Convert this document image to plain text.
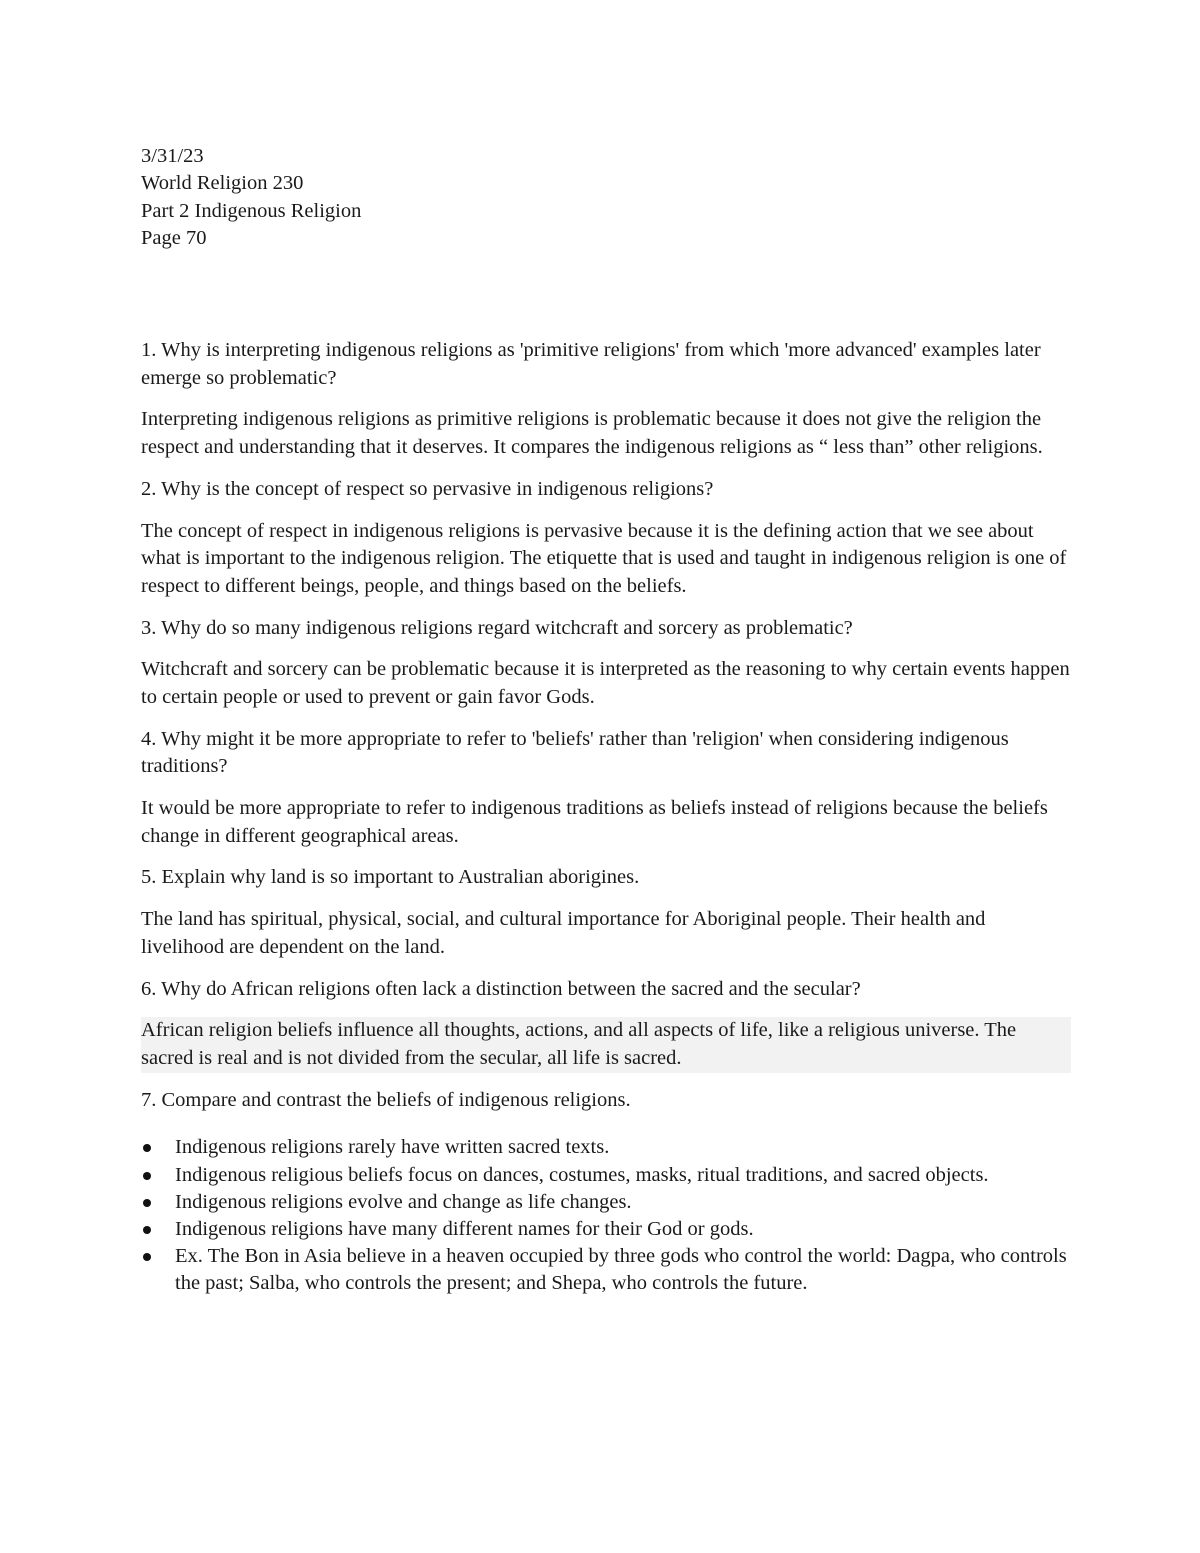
3/31/23
World Religion 230
Part 2 Indigenous Religion
Page 70

1. Why is interpreting indigenous religions as 'primitive religions' from which 'more advanced' examples later emerge so problematic?

Interpreting indigenous religions as primitive religions is problematic because it does not give the religion the respect and understanding that it deserves. It compares the indigenous religions as “ less than” other religions.

2. Why is the concept of respect so pervasive in indigenous religions?

The concept of respect in indigenous religions is pervasive because it is the defining action that we see about what is important to the indigenous religion. The etiquette that is used and taught in indigenous religion is one of respect to different beings, people, and things based on the beliefs.

3. Why do so many indigenous religions regard witchcraft and sorcery as problematic?

Witchcraft and sorcery can be problematic because it is interpreted as the reasoning to why certain events happen to certain people or used to prevent or gain favor Gods.

4. Why might it be more appropriate to refer to 'beliefs' rather than 'religion' when considering indigenous traditions?

It would be more appropriate to refer to indigenous traditions as beliefs instead of religions because the beliefs change in different geographical areas.

5. Explain why land is so important to Australian aborigines.

The land has spiritual, physical, social, and cultural importance for Aboriginal people. Their health and livelihood are dependent on the land.

6. Why do African religions often lack a distinction between the sacred and the secular?

African religion beliefs influence all thoughts, actions, and all aspects of life, like a religious universe. The sacred is real and is not divided from the secular, all life is sacred.

7. Compare and contrast the beliefs of indigenous religions.

Indigenous religions rarely have written sacred texts.
Indigenous religious beliefs focus on dances, costumes, masks, ritual traditions, and sacred objects.
Indigenous religions evolve and change as life changes.
Indigenous religions have many different names for their God or gods.
Ex. The Bon in Asia believe in a heaven occupied by three gods who control the world: Dagpa, who controls the past; Salba, who controls the present; and Shepa, who controls the future.
